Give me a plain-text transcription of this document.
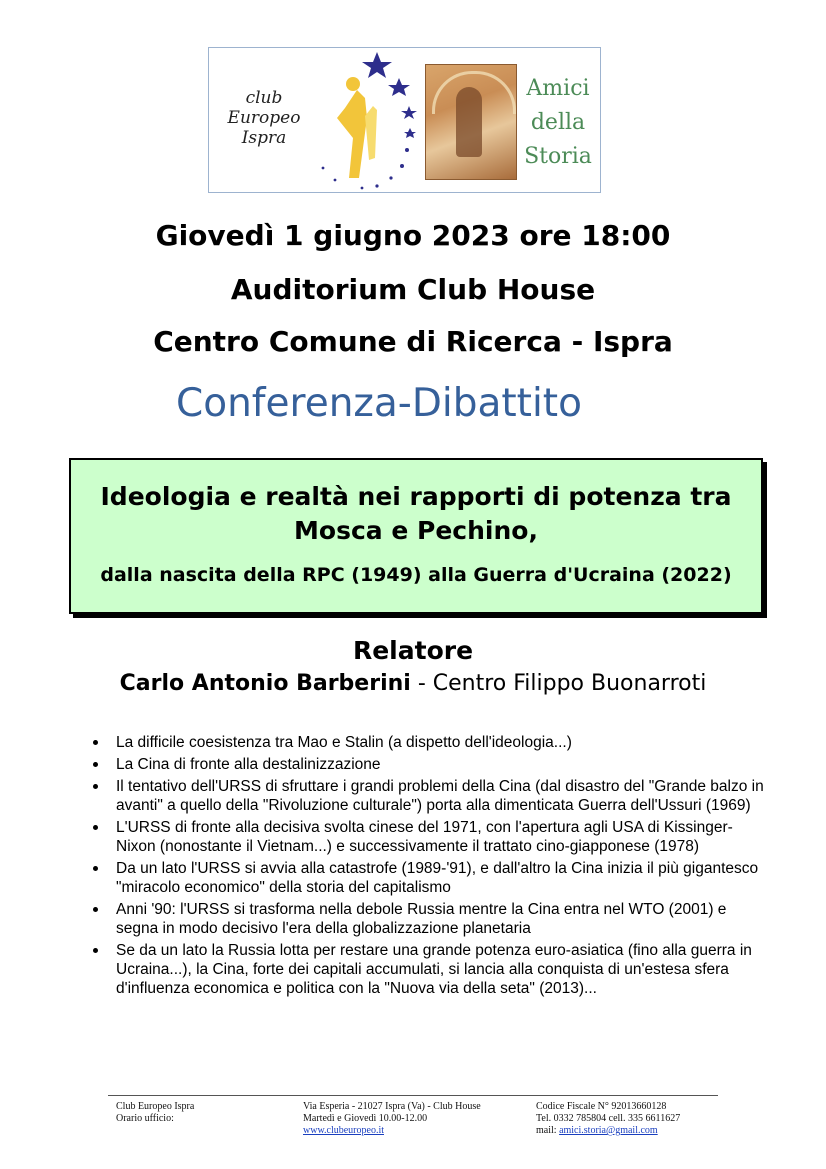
club
Europeo
Ispra
Amici
della
Storia
Giovedì 1 giugno 2023 ore 18:00
Auditorium Club House
Centro Comune di Ricerca - Ispra
Conferenza-Dibattito
Ideologia e realtà nei rapporti di potenza tra Mosca e Pechino,
dalla nascita della RPC (1949) alla Guerra d'Ucraina (2022)
Relatore
Carlo Antonio Barberini - Centro Filippo Buonarroti
La difficile coesistenza tra Mao e Stalin (a dispetto dell'ideologia...)
La Cina di fronte alla destalinizzazione
Il tentativo dell'URSS di sfruttare i grandi problemi della Cina (dal disastro del "Grande balzo in avanti" a quello della "Rivoluzione culturale") porta alla dimenticata Guerra dell'Ussuri (1969)
L'URSS di fronte alla decisiva svolta cinese del 1971, con l'apertura agli USA di Kissinger-Nixon (nonostante il Vietnam...) e successivamente il trattato cino-giapponese (1978)
Da un lato l'URSS si avvia alla catastrofe (1989-'91), e dall'altro la Cina inizia il più gigantesco "miracolo economico" della storia del capitalismo
Anni '90: l'URSS si trasforma nella debole Russia mentre la Cina entra nel WTO (2001) e segna in modo decisivo l'era della globalizzazione planetaria
Se da un lato la Russia lotta per restare una grande potenza euro-asiatica (fino alla guerra in Ucraina...), la Cina, forte dei capitali accumulati, si lancia alla conquista di un'estesa sfera d'influenza economica e politica con la "Nuova via della seta" (2013)...
Club Europeo Ispra
Orario ufficio:
Via Esperia - 21027 Ispra (Va) - Club House
Martedì e Giovedì 10.00-12.00
www.clubeuropeo.it
Codice Fiscale N° 92013660128
Tel. 0332 785804 cell. 335 6611627
mail: amici.storia@gmail.com
